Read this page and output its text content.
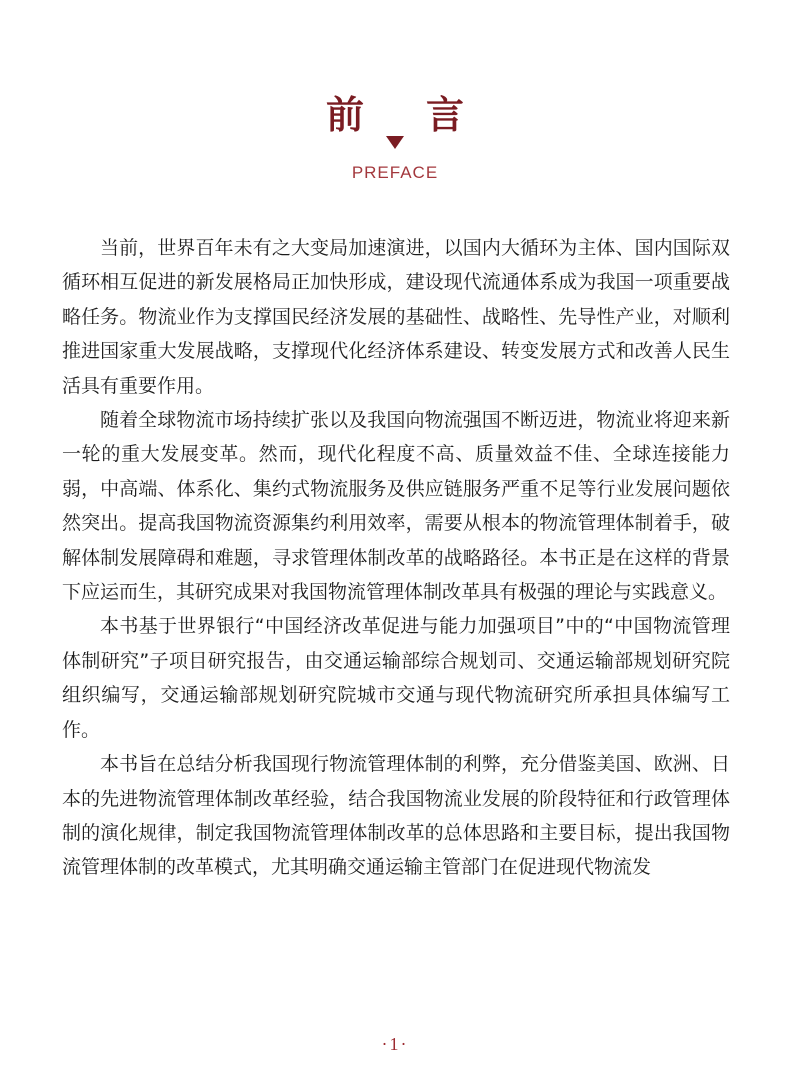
前 言
PREFACE

当前，世界百年未有之大变局加速演进，以国内大循环为主体、国内国际双循环相互促进的新发展格局正加快形成，建设现代流通体系成为我国一项重要战略任务。物流业作为支撑国民经济发展的基础性、战略性、先导性产业，对顺利推进国家重大发展战略，支撑现代化经济体系建设、转变发展方式和改善人民生活具有重要作用。

随着全球物流市场持续扩张以及我国向物流强国不断迈进，物流业将迎来新一轮的重大发展变革。然而，现代化程度不高、质量效益不佳、全球连接能力弱，中高端、体系化、集约式物流服务及供应链服务严重不足等行业发展问题依然突出。提高我国物流资源集约利用效率，需要从根本的物流管理体制着手，破解体制发展障碍和难题，寻求管理体制改革的战略路径。本书正是在这样的背景下应运而生，其研究成果对我国物流管理体制改革具有极强的理论与实践意义。

本书基于世界银行“中国经济改革促进与能力加强项目”中的“中国物流管理体制研究”子项目研究报告，由交通运输部综合规划司、交通运输部规划研究院组织编写，交通运输部规划研究院城市交通与现代物流研究所承担具体编写工作。

本书旨在总结分析我国现行物流管理体制的利弊，充分借鉴美国、欧洲、日本的先进物流管理体制改革经验，结合我国物流业发展的阶段特征和行政管理体制的演化规律，制定我国物流管理体制改革的总体思路和主要目标，提出我国物流管理体制的改革模式，尤其明确交通运输主管部门在促进现代物流发

·1·
